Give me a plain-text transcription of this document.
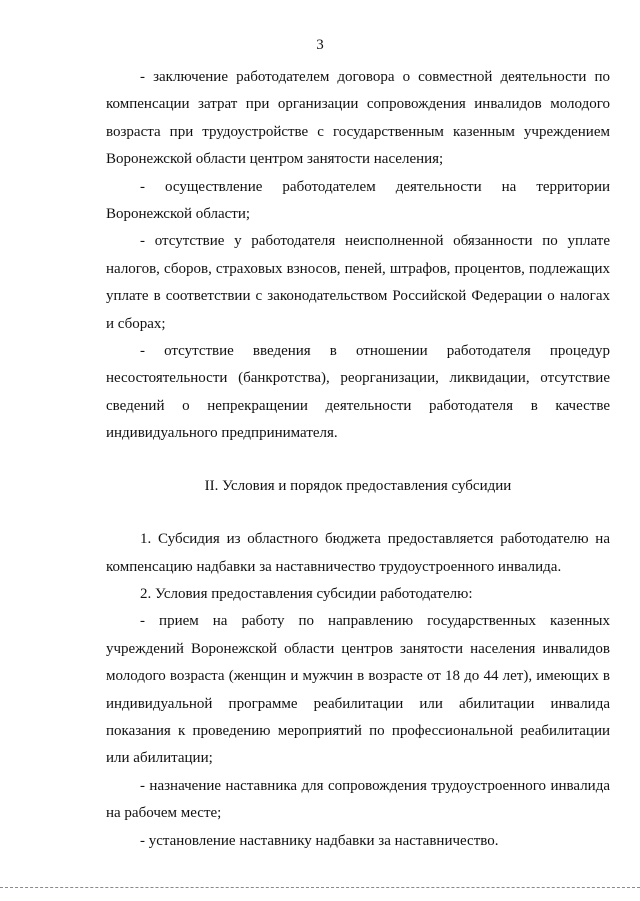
3

- заключение работодателем договора о совместной деятельности по компенсации затрат при организации сопровождения инвалидов молодого возраста при трудоустройстве с государственным казенным учреждением Воронежской области центром занятости населения;

- осуществление работодателем деятельности на территории Воронежской области;

- отсутствие у работодателя неисполненной обязанности по уплате налогов, сборов, страховых взносов, пеней, штрафов, процентов, подлежащих уплате в соответствии с законодательством Российской Федерации о налогах и сборах;

- отсутствие введения в отношении работодателя процедур несостоятельности (банкротства), реорганизации, ликвидации, отсутствие сведений о непрекращении деятельности работодателя в качестве индивидуального предпринимателя.

II. Условия и порядок предоставления субсидии

1. Субсидия из областного бюджета предоставляется работодателю на компенсацию надбавки за наставничество трудоустроенного инвалида.

2. Условия предоставления субсидии работодателю:

- прием на работу по направлению государственных казенных учреждений Воронежской области центров занятости населения инвалидов молодого возраста (женщин и мужчин в возрасте от 18 до 44 лет), имеющих в индивидуальной программе реабилитации или абилитации инвалида показания к проведению мероприятий по профессиональной реабилитации или абилитации;

- назначение наставника для сопровождения трудоустроенного инвалида на рабочем месте;

- установление наставнику надбавки за наставничество.
